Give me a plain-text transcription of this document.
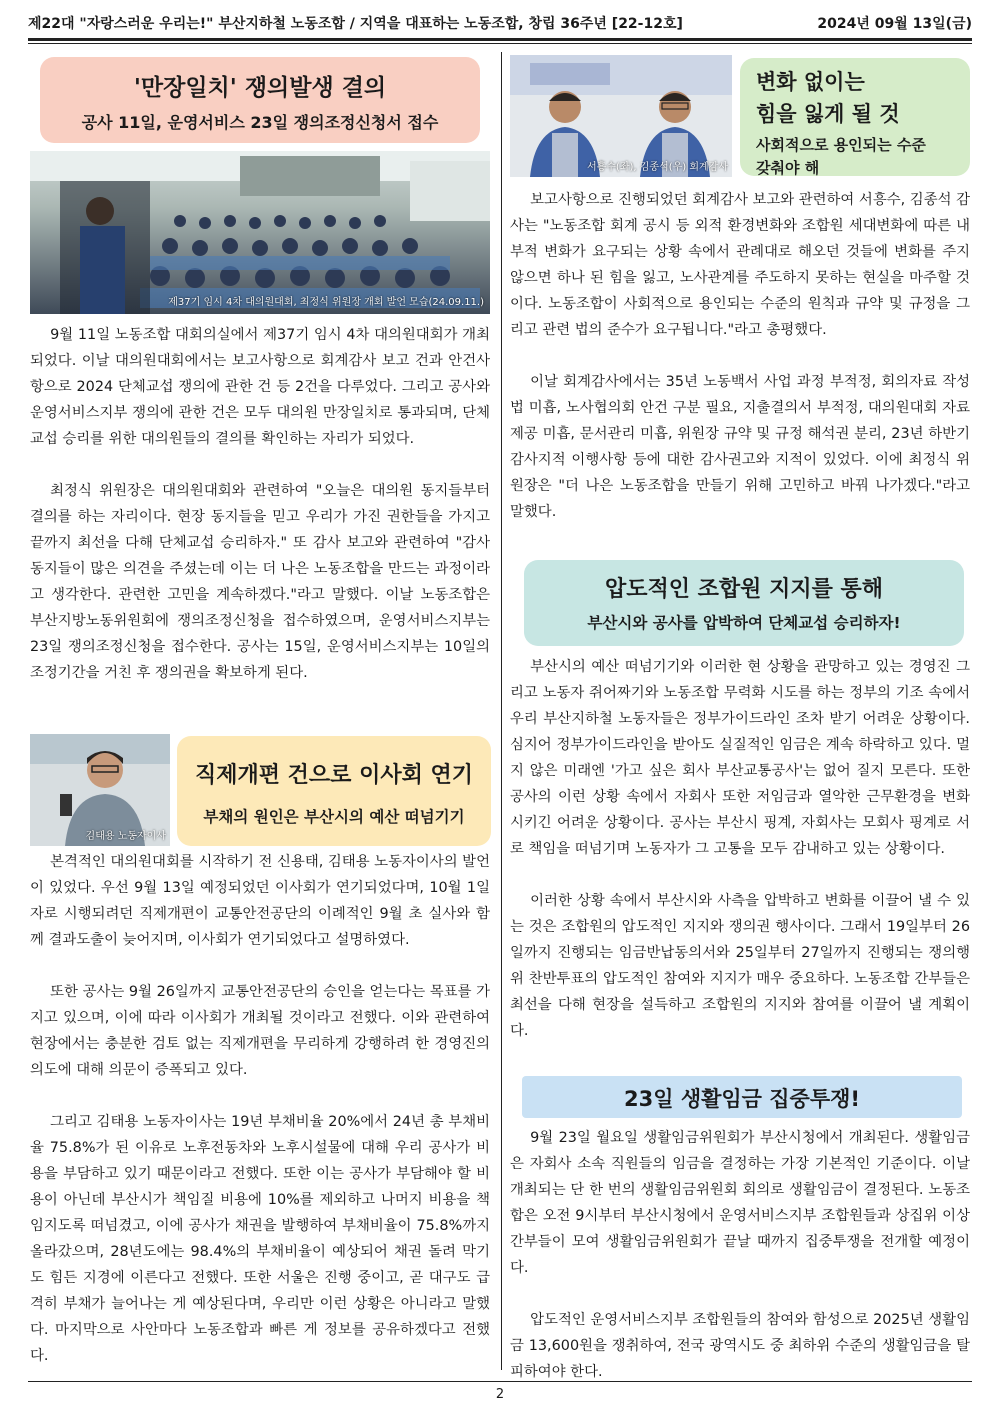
제22대 "자랑스러운 우리는!" 부산지하철 노동조합 / 지역을 대표하는 노동조합, 창립 36주년 [22-12호]	2024년 09월 13일(금)
'만장일치' 쟁의발생 결의
공사 11일, 운영서비스 23일 쟁의조정신청서 접수
제37기 임시 4차 대의원대회, 최정식 위원장 개회 발언 모습(24.09.11.)

9월 11일 노동조합 대회의실에서 제37기 임시 4차 대의원대회가 개최되었다. 이날 대의원대회에서는 보고사항으로 회계감사 보고 건과 안건사항으로 2024 단체교섭 쟁의에 관한 건 등 2건을 다루었다. 그리고 공사와 운영서비스지부 쟁의에 관한 건은 모두 대의원 만장일치로 통과되며, 단체교섭 승리를 위한 대의원들의 결의를 확인하는 자리가 되었다.

최정식 위원장은 대의원대회와 관련하여 "오늘은 대의원 동지들부터 결의를 하는 자리이다. 현장 동지들을 믿고 우리가 가진 권한들을 가지고 끝까지 최선을 다해 단체교섭 승리하자." 또 감사 보고와 관련하여 "감사 동지들이 많은 의견을 주셨는데 이는 더 나은 노동조합을 만드는 과정이라고 생각한다. 관련한 고민을 계속하겠다."라고 말했다. 이날 노동조합은 부산지방노동위원회에 쟁의조정신청을 접수하였으며, 운영서비스지부는 23일 쟁의조정신청을 접수한다. 공사는 15일, 운영서비스지부는 10일의 조정기간을 거친 후 쟁의권을 확보하게 된다.

김태용 노동자이사
직제개편 건으로 이사회 연기
부채의 원인은 부산시의 예산 떠넘기기

본격적인 대의원대회를 시작하기 전 신용태, 김태용 노동자이사의 발언이 있었다. 우선 9월 13일 예정되었던 이사회가 연기되었다며, 10월 1일 자로 시행되려던 직제개편이 교통안전공단의 이례적인 9월 초 실사와 함께 결과도출이 늦어지며, 이사회가 연기되었다고 설명하였다.

또한 공사는 9월 26일까지 교통안전공단의 승인을 얻는다는 목표를 가지고 있으며, 이에 따라 이사회가 개최될 것이라고 전했다. 이와 관련하여 현장에서는 충분한 검토 없는 직제개편을 무리하게 강행하려 한 경영진의 의도에 대해 의문이 증폭되고 있다.

그리고 김태용 노동자이사는 19년 부채비율 20%에서 24년 총 부채비율 75.8%가 된 이유로 노후전동차와 노후시설물에 대해 우리 공사가 비용을 부담하고 있기 때문이라고 전했다. 또한 이는 공사가 부담해야 할 비용이 아닌데 부산시가 책임질 비용에 10%를 제외하고 나머지 비용을 책임지도록 떠넘겼고, 이에 공사가 채권을 발행하여 부채비율이 75.8%까지 올라갔으며, 28년도에는 98.4%의 부채비율이 예상되어 채권 돌려 막기도 힘든 지경에 이른다고 전했다. 또한 서울은 진행 중이고, 곧 대구도 급격히 부채가 늘어나는 게 예상된다며, 우리만 이런 상황은 아니라고 말했다. 마지막으로 사안마다 노동조합과 빠른 게 정보를 공유하겠다고 전했다.

서흥수(좌), 김종석(우) 회계감사
변화 없이는
힘을 잃게 될 것
사회적으로 용인되는 수준
갖춰야 해

보고사항으로 진행되었던 회계감사 보고와 관련하여 서흥수, 김종석 감사는 "노동조합 회계 공시 등 외적 환경변화와 조합원 세대변화에 따른 내부적 변화가 요구되는 상황 속에서 관례대로 해오던 것들에 변화를 주지 않으면 하나 된 힘을 잃고, 노사관계를 주도하지 못하는 현실을 마주할 것이다. 노동조합이 사회적으로 용인되는 수준의 원칙과 규약 및 규정을 그리고 관련 법의 준수가 요구됩니다."라고 총평했다.

이날 회계감사에서는 35년 노동백서 사업 과정 부적정, 회의자료 작성법 미흡, 노사협의회 안건 구분 필요, 지출결의서 부적정, 대의원대회 자료제공 미흡, 문서관리 미흡, 위원장 규약 및 규정 해석권 분리, 23년 하반기 감사지적 이행사항 등에 대한 감사권고와 지적이 있었다. 이에 최정식 위원장은 "더 나은 노동조합을 만들기 위해 고민하고 바꿔 나가겠다."라고 말했다.

압도적인 조합원 지지를 통해
부산시와 공사를 압박하여 단체교섭 승리하자!

부산시의 예산 떠넘기기와 이러한 현 상황을 관망하고 있는 경영진 그리고 노동자 쥐어짜기와 노동조합 무력화 시도를 하는 정부의 기조 속에서 우리 부산지하철 노동자들은 정부가이드라인 조차 받기 어려운 상황이다. 심지어 정부가이드라인을 받아도 실질적인 임금은 계속 하락하고 있다. 멀지 않은 미래엔 '가고 싶은 회사 부산교통공사'는 없어 질지 모른다. 또한 공사의 이런 상황 속에서 자회사 또한 저임금과 열악한 근무환경을 변화 시키긴 어려운 상황이다. 공사는 부산시 핑계, 자회사는 모회사 핑계로 서로 책임을 떠넘기며 노동자가 그 고통을 모두 감내하고 있는 상황이다.

이러한 상황 속에서 부산시와 사측을 압박하고 변화를 이끌어 낼 수 있는 것은 조합원의 압도적인 지지와 쟁의권 행사이다. 그래서 19일부터 26일까지 진행되는 임금반납동의서와 25일부터 27일까지 진행되는 쟁의행위 찬반투표의 압도적인 참여와 지지가 매우 중요하다. 노동조합 간부들은 최선을 다해 현장을 설득하고 조합원의 지지와 참여를 이끌어 낼 계획이다.

23일 생활임금 집중투쟁!

9월 23일 월요일 생활임금위원회가 부산시청에서 개최된다. 생활임금은 자회사 소속 직원들의 임금을 결정하는 가장 기본적인 기준이다. 이날 개최되는 단 한 번의 생활임금위원회 회의로 생활임금이 결정된다. 노동조합은 오전 9시부터 부산시청에서 운영서비스지부 조합원들과 상집위 이상 간부들이 모여 생활임금위원회가 끝날 때까지 집중투쟁을 전개할 예정이다.

압도적인 운영서비스지부 조합원들의 참여와 함성으로 2025년 생활임금 13,600원을 쟁취하여, 전국 광역시도 중 최하위 수준의 생활임금을 탈피하여야 한다.

2
